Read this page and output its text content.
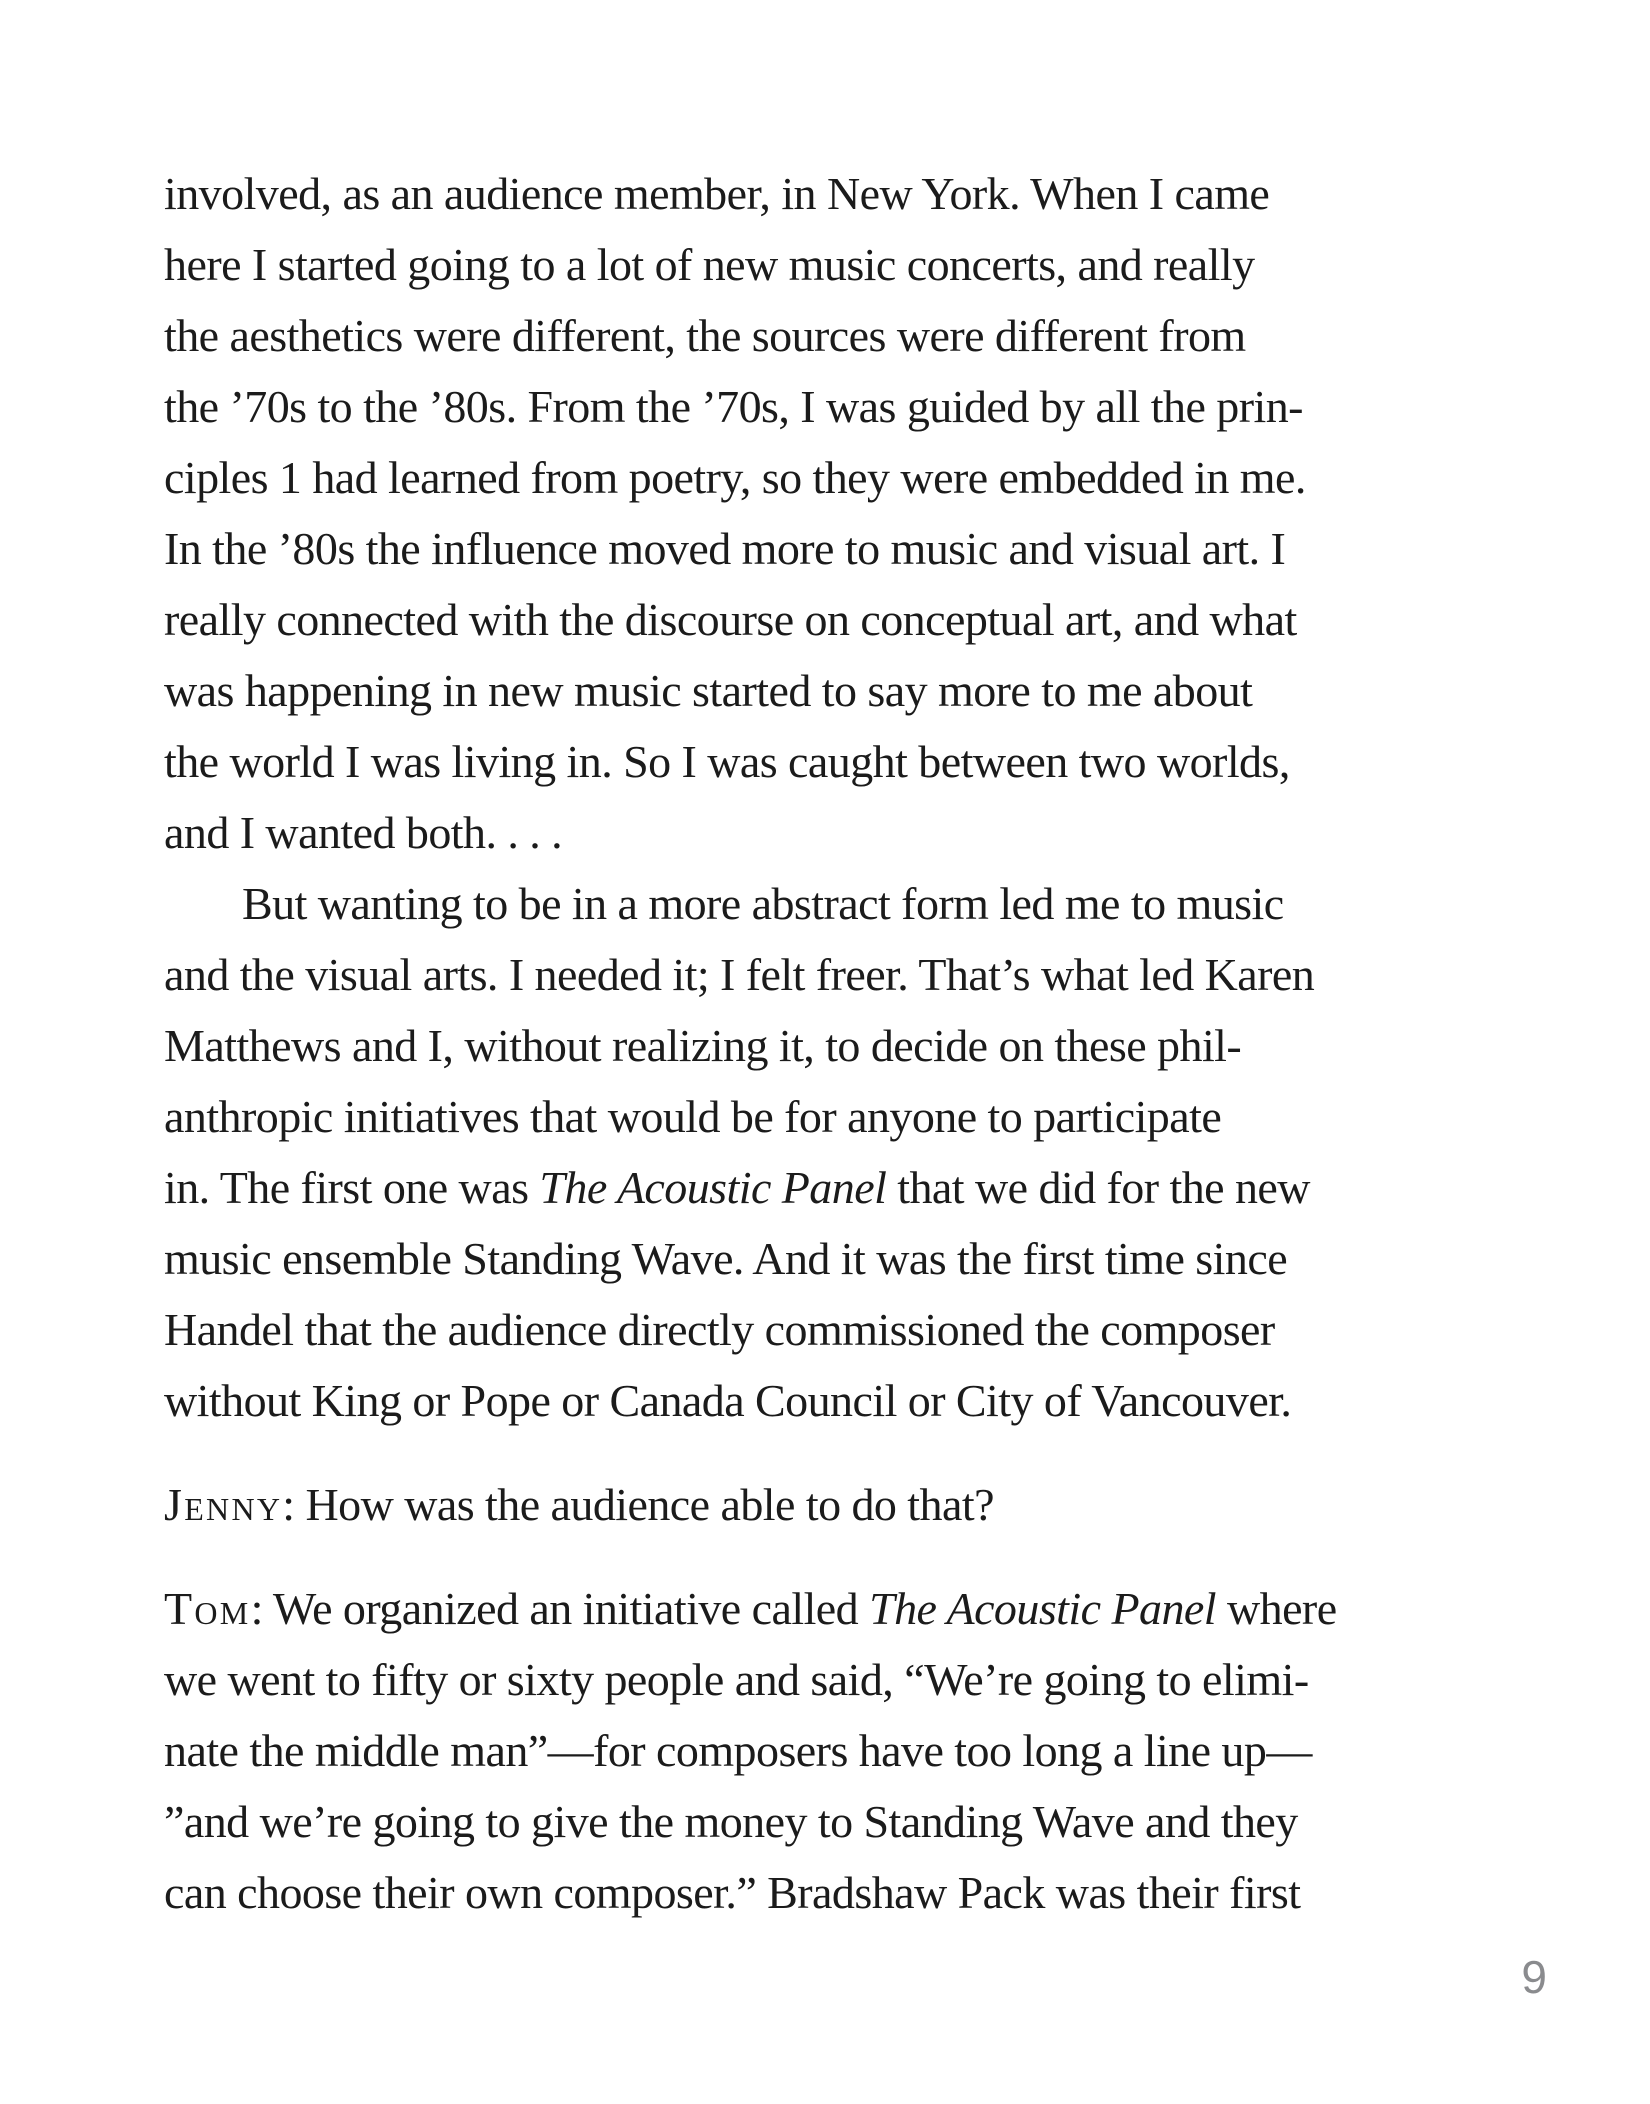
involved, as an audience member, in New York. When I came
here I started going to a lot of new music concerts, and really
the aesthetics were different, the sources were different from
the ’70s to the ’80s. From the ’70s, I was guided by all the prin-
ciples 1 had learned from poetry, so they were embedded in me.
In the ’80s the influence moved more to music and visual art. I
really connected with the discourse on conceptual art, and what
was happening in new music started to say more to me about
the world I was living in. So I was caught between two worlds,
and I wanted both. . . .

But wanting to be in a more abstract form led me to music
and the visual arts. I needed it; I felt freer. That’s what led Karen
Matthews and I, without realizing it, to decide on these phil-
anthropic initiatives that would be for anyone to participate
in. The first one was The Acoustic Panel that we did for the new
music ensemble Standing Wave. And it was the first time since
Handel that the audience directly commissioned the composer
without King or Pope or Canada Council or City of Vancouver.

Jenny: How was the audience able to do that?

Tom: We organized an initiative called The Acoustic Panel where
we went to fifty or sixty people and said, “We’re going to elimi-
nate the middle man”—for composers have too long a line up—
”and we’re going to give the money to Standing Wave and they
can choose their own composer.” Bradshaw Pack was their first

9
